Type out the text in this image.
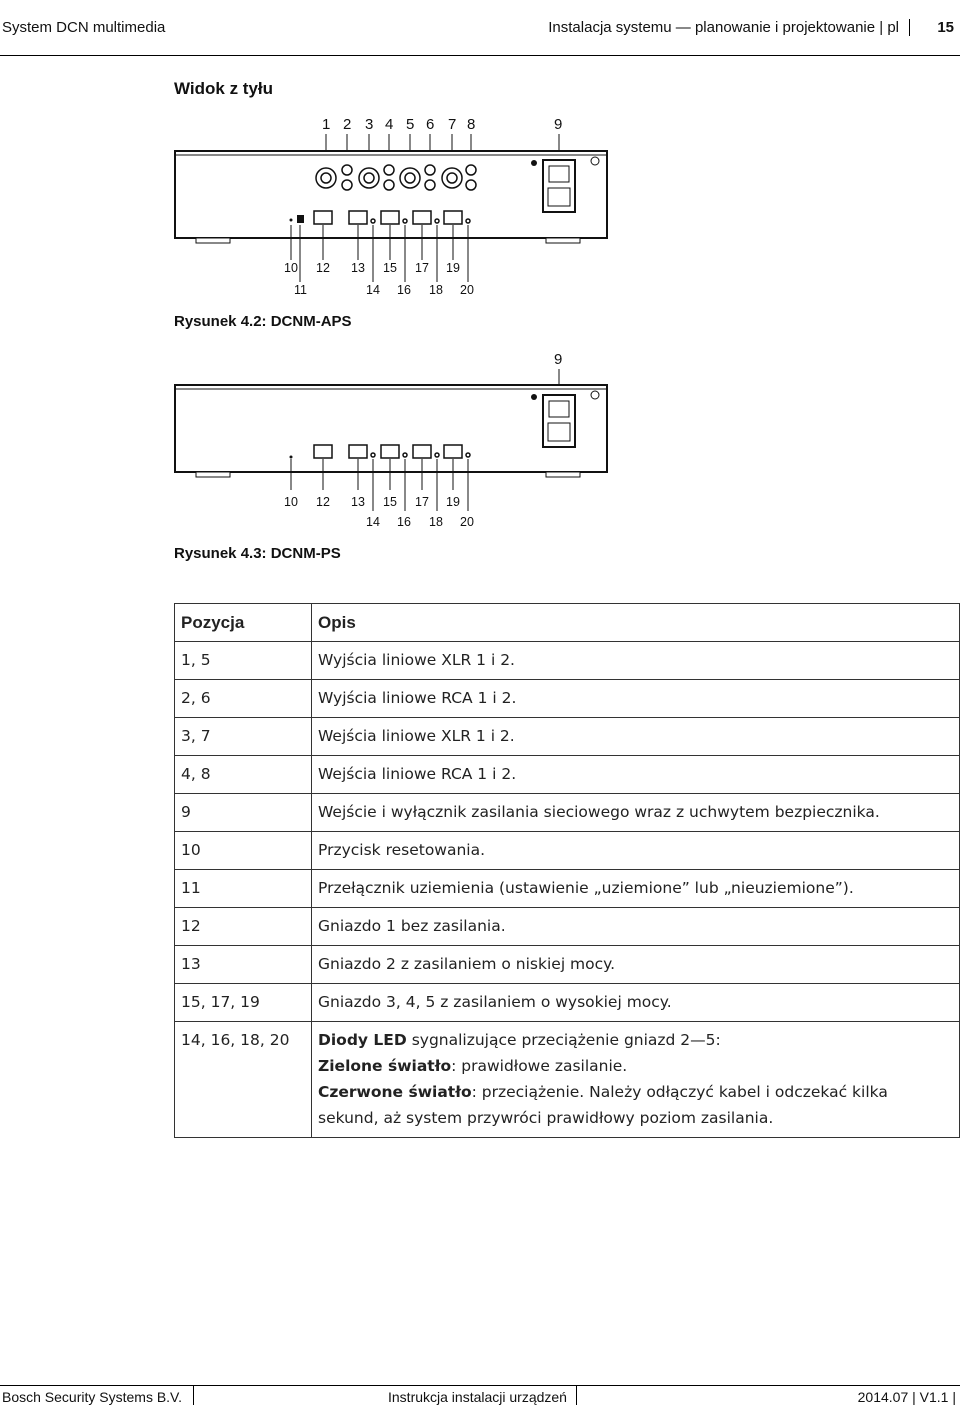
System DCN multimedia	Instalacja systemu — planowanie i projektowanie | pl	15
Widok z tyłu
1 2 3 4 5 6 7 8	9
10 12 13 15 17 19
11	14 16 18 20
Rysunek 4.2: DCNM-APS
9
10 12 13 15 17 19
14 16 18 20
Rysunek 4.3: DCNM-PS
Pozycja	Opis
1, 5	Wyjścia liniowe XLR 1 i 2.
2, 6	Wyjścia liniowe RCA 1 i 2.
3, 7	Wejścia liniowe XLR 1 i 2.
4, 8	Wejścia liniowe RCA 1 i 2.
9	Wejście i wyłącznik zasilania sieciowego wraz z uchwytem bezpiecznika.
10	Przycisk resetowania.
11	Przełącznik uziemienia (ustawienie „uziemione” lub „nieuziemione”).
12	Gniazdo 1 bez zasilania.
13	Gniazdo 2 z zasilaniem o niskiej mocy.
15, 17, 19	Gniazdo 3, 4, 5 z zasilaniem o wysokiej mocy.
14, 16, 18, 20	Diody LED sygnalizujące przeciążenie gniazd 2—5:
Zielone światło: prawidłowe zasilanie.
Czerwone światło: przeciążenie. Należy odłączyć kabel i odczekać kilka sekund, aż system przywróci prawidłowy poziom zasilania.
Bosch Security Systems B.V.	Instrukcja instalacji urządzeń	2014.07 | V1.1 |
